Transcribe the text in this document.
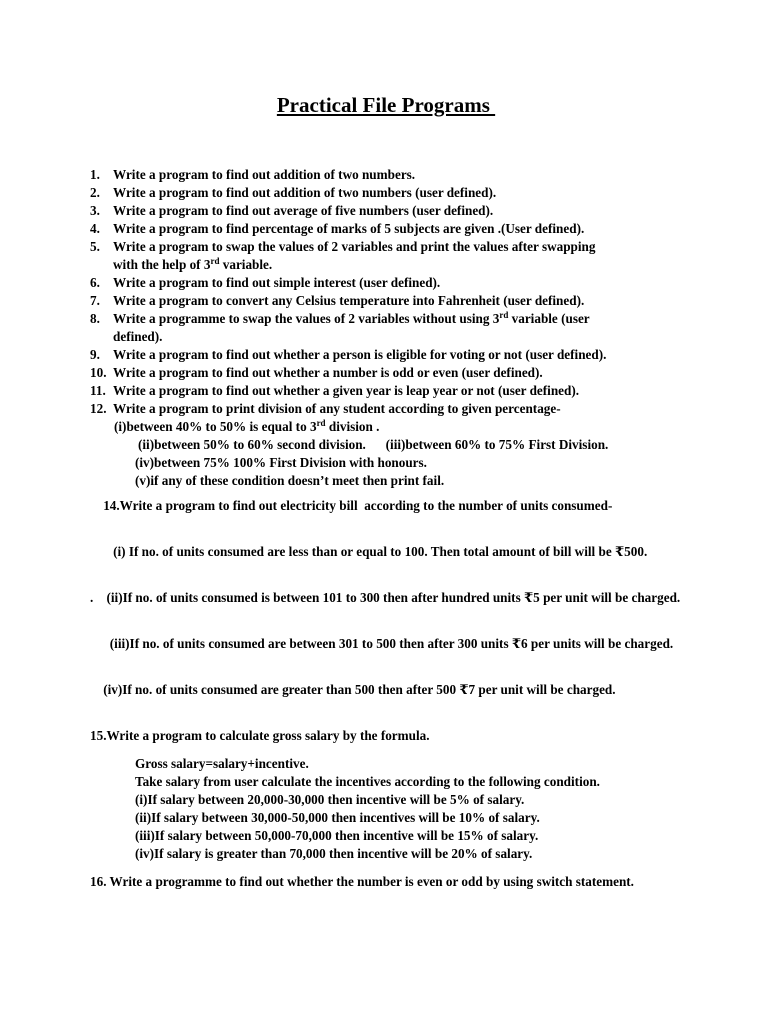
Practical File Programs
1. Write a program to find out addition of two numbers.
2. Write a program to find out addition of two numbers (user defined).
3. Write a program to find out average of five numbers (user defined).
4. Write a program to find percentage of marks of 5 subjects are given .(User defined).
5. Write a program to swap the values of 2 variables and print the values after swapping
with the help of 3rd variable.
6. Write a program to find out simple interest (user defined).
7. Write a program to convert any Celsius temperature into Fahrenheit (user defined).
8. Write a programme to swap the values of 2 variables without using 3rd variable (user
defined).
9. Write a program to find out whether a person is eligible for voting or not (user defined).
10. Write a program to find out whether a number is odd or even (user defined).
11. Write a program to find out whether a given year is leap year or not (user defined).
12. Write a program to print division of any student according to given percentage-
(i)between 40% to 50% is equal to 3rd division .
(ii)between 50% to 60% second division.      (iii)between 60% to 75% First Division.
(iv)between 75% 100% First Division with honours.
(v)if any of these condition doesn’t meet then print fail.

14.Write a program to find out electricity bill  according to the number of units consumed-

(i) If no. of units consumed are less than or equal to 100. Then total amount of bill will be ₹500.

.    (ii)If no. of units consumed is between 101 to 300 then after hundred units ₹5 per unit will be charged.

(iii)If no. of units consumed are between 301 to 500 then after 300 units ₹6 per units will be charged.

(iv)If no. of units consumed are greater than 500 then after 500 ₹7 per unit will be charged.

15.Write a program to calculate gross salary by the formula.

Gross salary=salary+incentive.
Take salary from user calculate the incentives according to the following condition.
(i)If salary between 20,000-30,000 then incentive will be 5% of salary.
(ii)If salary between 30,000-50,000 then incentives will be 10% of salary.
(iii)If salary between 50,000-70,000 then incentive will be 15% of salary.
(iv)If salary is greater than 70,000 then incentive will be 20% of salary.

16. Write a programme to find out whether the number is even or odd by using switch statement.
